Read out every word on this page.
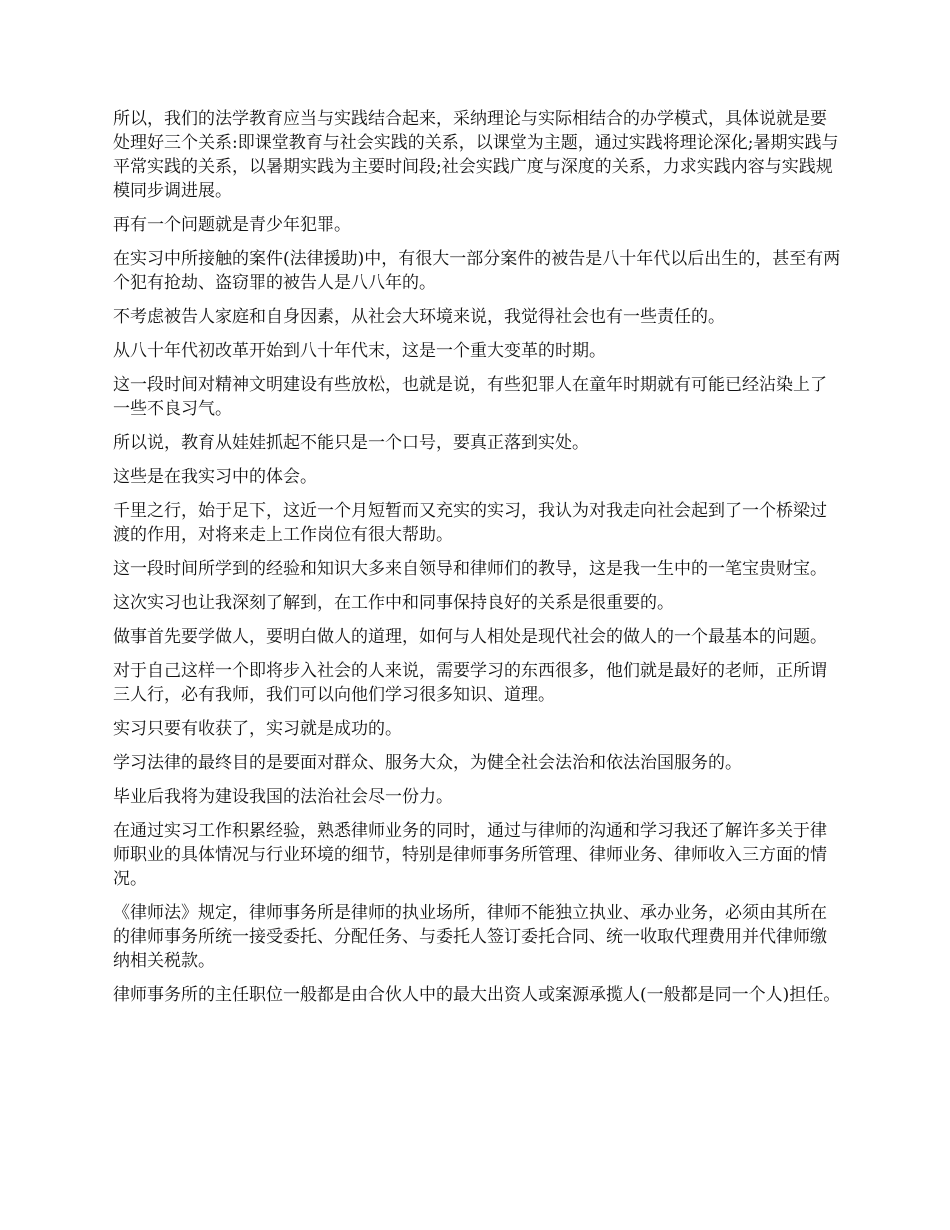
所以，我们的法学教育应当与实践结合起来，采纳理论与实际相结合的办学模式，具体说就是要处理好三个关系:即课堂教育与社会实践的关系，以课堂为主题，通过实践将理论深化;暑期实践与平常实践的关系，以暑期实践为主要时间段;社会实践广度与深度的关系，力求实践内容与实践规模同步调进展。

再有一个问题就是青少年犯罪。

在实习中所接触的案件(法律援助)中，有很大一部分案件的被告是八十年代以后出生的，甚至有两个犯有抢劫、盗窃罪的被告人是八八年的。

不考虑被告人家庭和自身因素，从社会大环境来说，我觉得社会也有一些责任的。

从八十年代初改革开始到八十年代末，这是一个重大变革的时期。

这一段时间对精神文明建设有些放松，也就是说，有些犯罪人在童年时期就有可能已经沾染上了一些不良习气。

所以说，教育从娃娃抓起不能只是一个口号，要真正落到实处。

这些是在我实习中的体会。

千里之行，始于足下，这近一个月短暂而又充实的实习，我认为对我走向社会起到了一个桥梁过渡的作用，对将来走上工作岗位有很大帮助。

这一段时间所学到的经验和知识大多来自领导和律师们的教导，这是我一生中的一笔宝贵财宝。

这次实习也让我深刻了解到，在工作中和同事保持良好的关系是很重要的。

做事首先要学做人，要明白做人的道理，如何与人相处是现代社会的做人的一个最基本的问题。

对于自己这样一个即将步入社会的人来说，需要学习的东西很多，他们就是最好的老师，正所谓三人行，必有我师，我们可以向他们学习很多知识、道理。

实习只要有收获了，实习就是成功的。

学习法律的最终目的是要面对群众、服务大众，为健全社会法治和依法治国服务的。

毕业后我将为建设我国的法治社会尽一份力。

在通过实习工作积累经验，熟悉律师业务的同时，通过与律师的沟通和学习我还了解许多关于律师职业的具体情况与行业环境的细节，特别是律师事务所管理、律师业务、律师收入三方面的情况。

《律师法》规定，律师事务所是律师的执业场所，律师不能独立执业、承办业务，必须由其所在的律师事务所统一接受委托、分配任务、与委托人签订委托合同、统一收取代理费用并代律师缴纳相关税款。

律师事务所的主任职位一般都是由合伙人中的最大出资人或案源承揽人(一般都是同一个人)担任。
